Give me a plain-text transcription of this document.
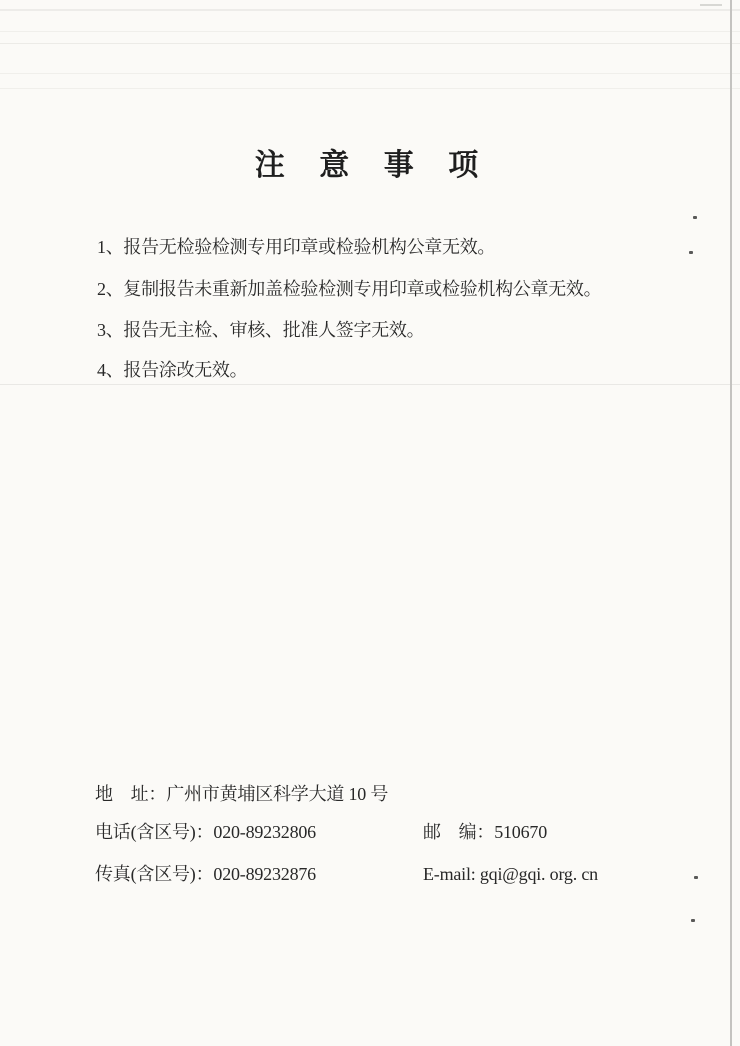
注 意 事 项
1、报告无检验检测专用印章或检验机构公章无效。
2、复制报告未重新加盖检验检测专用印章或检验机构公章无效。
3、报告无主检、审核、批准人签字无效。
4、报告涂改无效。
地　址：广州市黄埔区科学大道 10 号
电话(含区号)：020-89232806	邮　编：510670
传真(含区号)：020-89232876	E-mail: gqi@gqi. org. cn
